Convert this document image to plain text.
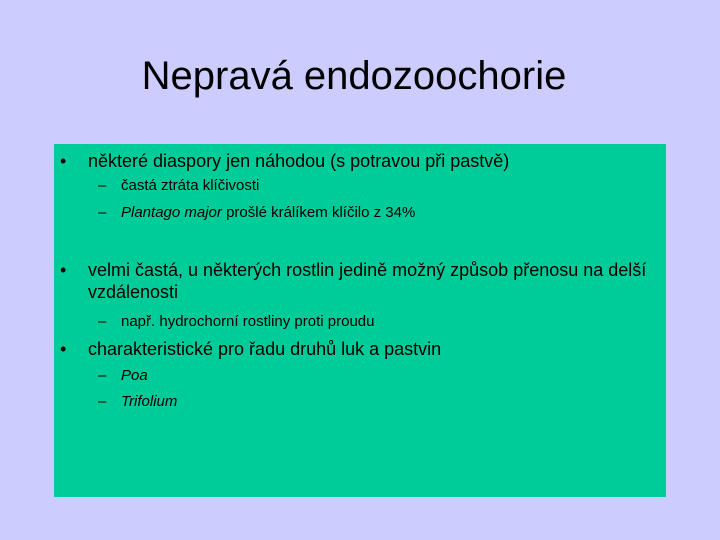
Nepravá endozoochorie
• některé diaspory jen náhodou (s potravou při pastvě)
– častá ztráta klíčivosti
– Plantago major prošlé králíkem klíčilo z 34%
• velmi častá, u některých rostlin jedině možný způsob přenosu na delší vzdálenosti
– např. hydrochorní rostliny proti proudu
• charakteristické pro řadu druhů luk a pastvin
– Poa
– Trifolium
